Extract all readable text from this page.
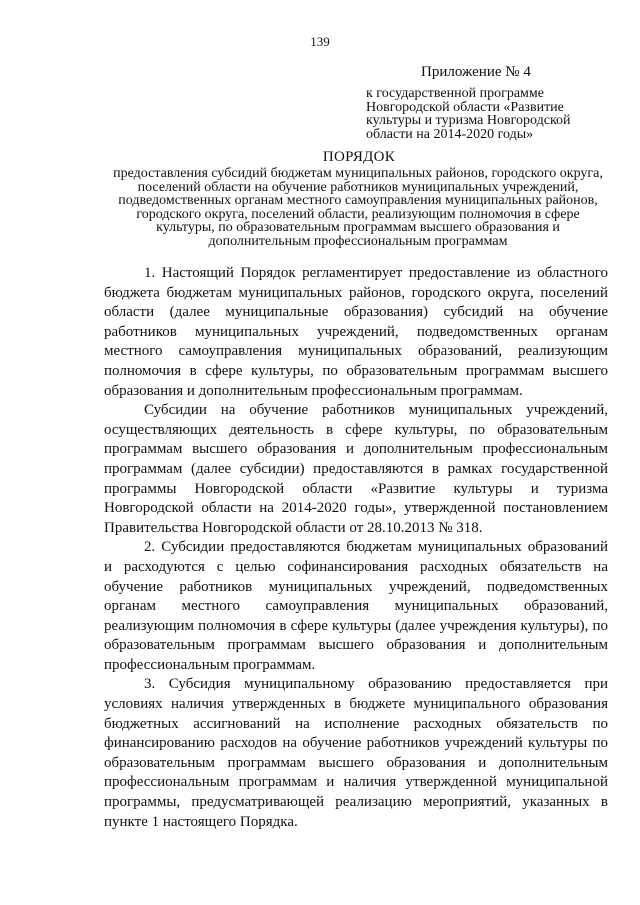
139
Приложение № 4
к государственной программе Новгородской области «Развитие культуры и туризма Новгородской области на 2014-2020 годы»
ПОРЯДОК
предоставления субсидий бюджетам муниципальных районов, городского округа, поселений области на обучение работников муниципальных учреждений, подведомственных органам местного самоуправления муниципальных районов, городского округа, поселений области, реализующим полномочия в сфере культуры, по образовательным программам высшего образования и дополнительным профессиональным программам

1. Настоящий Порядок регламентирует предоставление из областного бюджета бюджетам муниципальных районов, городского округа, поселений области (далее муниципальные образования) субсидий на обучение работников муниципальных учреждений, подведомственных органам местного самоуправления муниципальных образований, реализующим полномочия в сфере культуры, по образовательным программам высшего образования и дополнительным профессиональным программам.

Субсидии на обучение работников муниципальных учреждений, осуществляющих деятельность в сфере культуры, по образовательным программам высшего образования и дополнительным профессиональным программам (далее субсидии) предоставляются в рамках государственной программы Новгородской области «Развитие культуры и туризма Новгородской области на 2014-2020 годы», утвержденной постановлением Правительства Новгородской области от 28.10.2013 № 318.

2. Субсидии предоставляются бюджетам муниципальных образований и расходуются с целью софинансирования расходных обязательств на обучение работников муниципальных учреждений, подведомственных органам местного самоуправления муниципальных образований, реализующим полномочия в сфере культуры (далее учреждения культуры), по образовательным программам высшего образования и дополнительным профессиональным программам.

3. Субсидия муниципальному образованию предоставляется при условиях наличия утвержденных в бюджете муниципального образования бюджетных ассигнований на исполнение расходных обязательств по финансированию расходов на обучение работников учреждений культуры по образовательным программам высшего образования и дополнительным профессиональным программам и наличия утвержденной муниципальной программы, предусматривающей реализацию мероприятий, указанных в пункте 1 настоящего Порядка.
